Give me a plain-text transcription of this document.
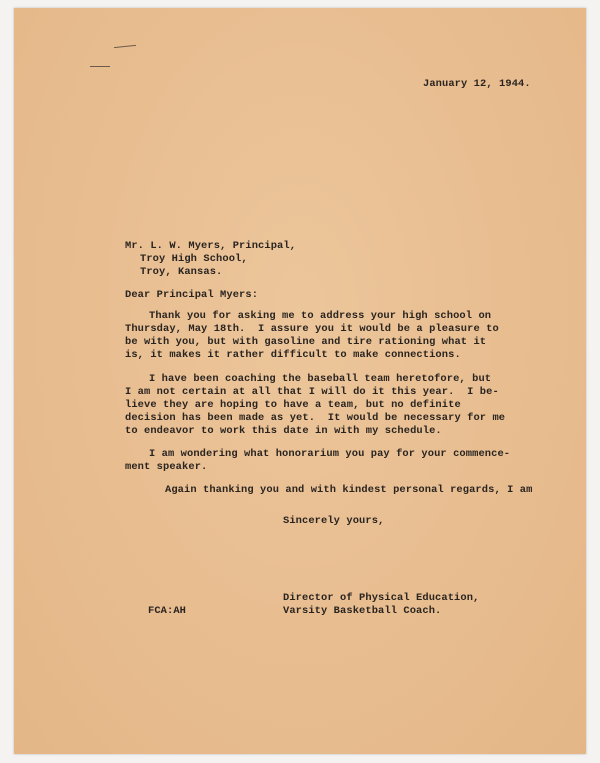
January 12, 1944.
Mr. L. W. Myers, Principal,
Troy High School,
Troy, Kansas.
Dear Principal Myers:
Thank you for asking me to address your high school on
Thursday, May 18th.  I assure you it would be a pleasure to
be with you, but with gasoline and tire rationing what it
is, it makes it rather difficult to make connections.
I have been coaching the baseball team heretofore, but
I am not certain at all that I will do it this year.  I be-
lieve they are hoping to have a team, but no definite
decision has been made as yet.  It would be necessary for me
to endeavor to work this date in with my schedule.
I am wondering what honorarium you pay for your commence-
ment speaker.
Again thanking you and with kindest personal regards, I am
Sincerely yours,
Director of Physical Education,
Varsity Basketball Coach.
FCA:AH
